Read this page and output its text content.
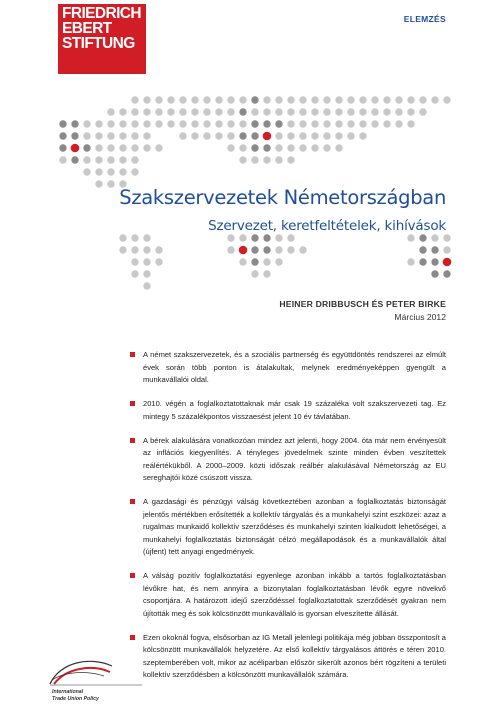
FRIEDRICH
EBERT
STIFTUNG
ELEMZÉS
Szakszervezetek Németországban
Szervezet, keretfeltételek, kihívások
HEINER DRIBBUSCH ÉS PETER BIRKE
Március 2012
A német szakszervezetek, és a szociális partnerség és együttdöntés rendszerei az elmúlt évek során több ponton is átalakultak, melynek eredményeképpen gyengült a munkavállalói oldal.
2010. végén a foglalkoztatottaknak már csak 19 százaléka volt szakszervezeti tag. Ez mintegy 5 százalékpontos visszaesést jelent 10 év távlatában.
A bérek alakulására vonatkozóan mindez azt jelenti, hogy 2004. óta már nem érvényesült az inflációs kiegyenlítés. A tényleges jövedelmek szinte minden évben veszítettek reálértékükből. A 2000–2009. közti időszak reálbér alakulásával Németország az EU sereghajtói közé csúszott vissza.
A gazdasági és pénzügyi válság következtében azonban a foglalkoztatás biztonságát jelentős mértékben erősítették a kollektív tárgyalás és a munkahelyi szint eszközei: azaz a rugalmas munkaidő kollektív szerződéses és munkahelyi szinten kialkudott lehetőségei, a munkahelyi foglalkoztatás biztonságát célzó megállapodások és a munkavállalók által (újfent) tett anyagi engedmények.
A válság pozitív foglalkoztatási egyenlege azonban inkább a tartós foglalkoztatásban lévőkre hat, és nem annyira a bizonytalan foglalkoztatásban lévők egyre növekvő csoportjára. A határozott idejű szerződéssel foglalkoztatottak szerződését gyakran nem újították meg és sok kölcsönzött munkavállaló is gyorsan elveszítette állását.
Ezen okoknál fogva, elsősorban az IG Metall jelenlegi politikája még jobban összpontosít a kölcsönzött munkavállalók helyzetére. Az első kollektív tárgyalásos áttörés e téren 2010. szeptemberében volt, mikor az acéliparban először sikerült azonos bért rögzíteni a területi kollektív szerződésben a kölcsönzött munkavállalók számára.
International
Trade Union Policy
